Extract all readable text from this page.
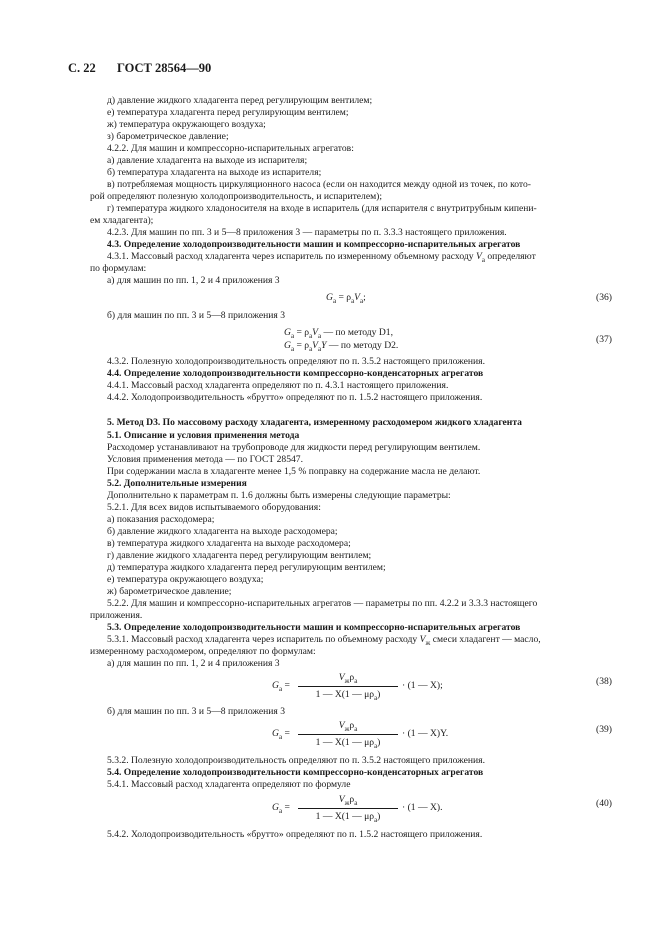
С. 22 ГОСТ 28564—90
д) давление жидкого хладагента перед регулирующим вентилем;
е) температура хладагента перед регулирующим вентилем;
ж) температура окружающего воздуха;
з) барометрическое давление;
4.2.2. Для машин и компрессорно-испарительных агрегатов:
а) давление хладагента на выходе из испарителя;
б) температура хладагента на выходе из испарителя;
в) потребляемая мощность циркуляционного насоса (если он находится между одной из точек, по кото-
рой определяют полезную холодопроизводительность, и испарителем);
г) температура жидкого хладоносителя на входе в испаритель (для испарителя с внутритрубным кипени-
ем хладагента);
4.2.3. Для машин по пп. 3 и 5—8 приложения 3 — параметры по п. 3.3.3 настоящего приложения.
4.3. Определение холодопроизводительности машин и компрессорно-испарительных агрегатов
4.3.1. Массовый расход хладагента через испаритель по измеренному объемному расходу $V_a$ определяют
по формулам:
а) для машин по пп. 1, 2 и 4 приложения 3
$G_a = \rho_aV_a$;	(36)
б) для машин по пп. 3 и 5—8 приложения 3
$G_a = \rho_aV_a$ — по методу D1,
$G_a = \rho_aV_aY$ — по методу D2.
(37)
4.3.2. Полезную холодопроизводительность определяют по п. 3.5.2 настоящего приложения.
4.4. Определение холодопроизводительности компрессорно-конденсаторных агрегатов
4.4.1. Массовый расход хладагента определяют по п. 4.3.1 настоящего приложения.
4.4.2. Холодопроизводительность «брутто» определяют по п. 1.5.2 настоящего приложения.
5. Метод D3. По массовому расходу хладагента, измеренному расходомером жидкого хладагента
5.1. Описание и условия применения метода
Расходомер устанавливают на трубопроводе для жидкости перед регулирующим вентилем.
Условия применения метода — по ГОСТ 28547.
При содержании масла в хладагенте менее 1,5 % поправку на содержание масла не делают.
5.2. Дополнительные измерения
Дополнительно к параметрам п. 1.6 должны быть измерены следующие параметры:
5.2.1. Для всех видов испытываемого оборудования:
а) показания расходомера;
б) давление жидкого хладагента на выходе расходомера;
в) температура жидкого хладагента на выходе расходомера;
г) давление жидкого хладагента перед регулирующим вентилем;
д) температура жидкого хладагента перед регулирующим вентилем;
е) температура окружающего воздуха;
ж) барометрическое давление;
5.2.2. Для машин и компрессорно-испарительных агрегатов — параметры по пп. 4.2.2 и 3.3.3 настоящего
приложения.
5.3. Определение холодопроизводительности машин и компрессорно-испарительных агрегатов
5.3.1. Массовый расход хладагента через испаритель по объемному расходу $V_ж$ смеси хладагент — масло,
измеренному расходомером, определяют по формулам:
а) для машин по пп. 1, 2 и 4 приложения 3
$G_a$ =
$V_ж\rho_a$
1 — X(1 — $\mu\rho_a$)
· (1 — X);	(38)
б) для машин по пп. 3 и 5—8 приложения 3
$G_a$ =
$V_ж\rho_a$
1 — X(1 — $\mu\rho_a$)
· (1 — X)Y.	(39)
5.3.2. Полезную холодопроизводительность определяют по п. 3.5.2 настоящего приложения.
5.4. Определение холодопроизводительности компрессорно-конденсаторных агрегатов
5.4.1. Массовый расход хладагента определяют по формуле
$G_a$ =
$V_ж\rho_a$
1 — X(1 — $\mu\rho_a$)
· (1 — X).	(40)
5.4.2. Холодопроизводительность «брутто» определяют по п. 1.5.2 настоящего приложения.
